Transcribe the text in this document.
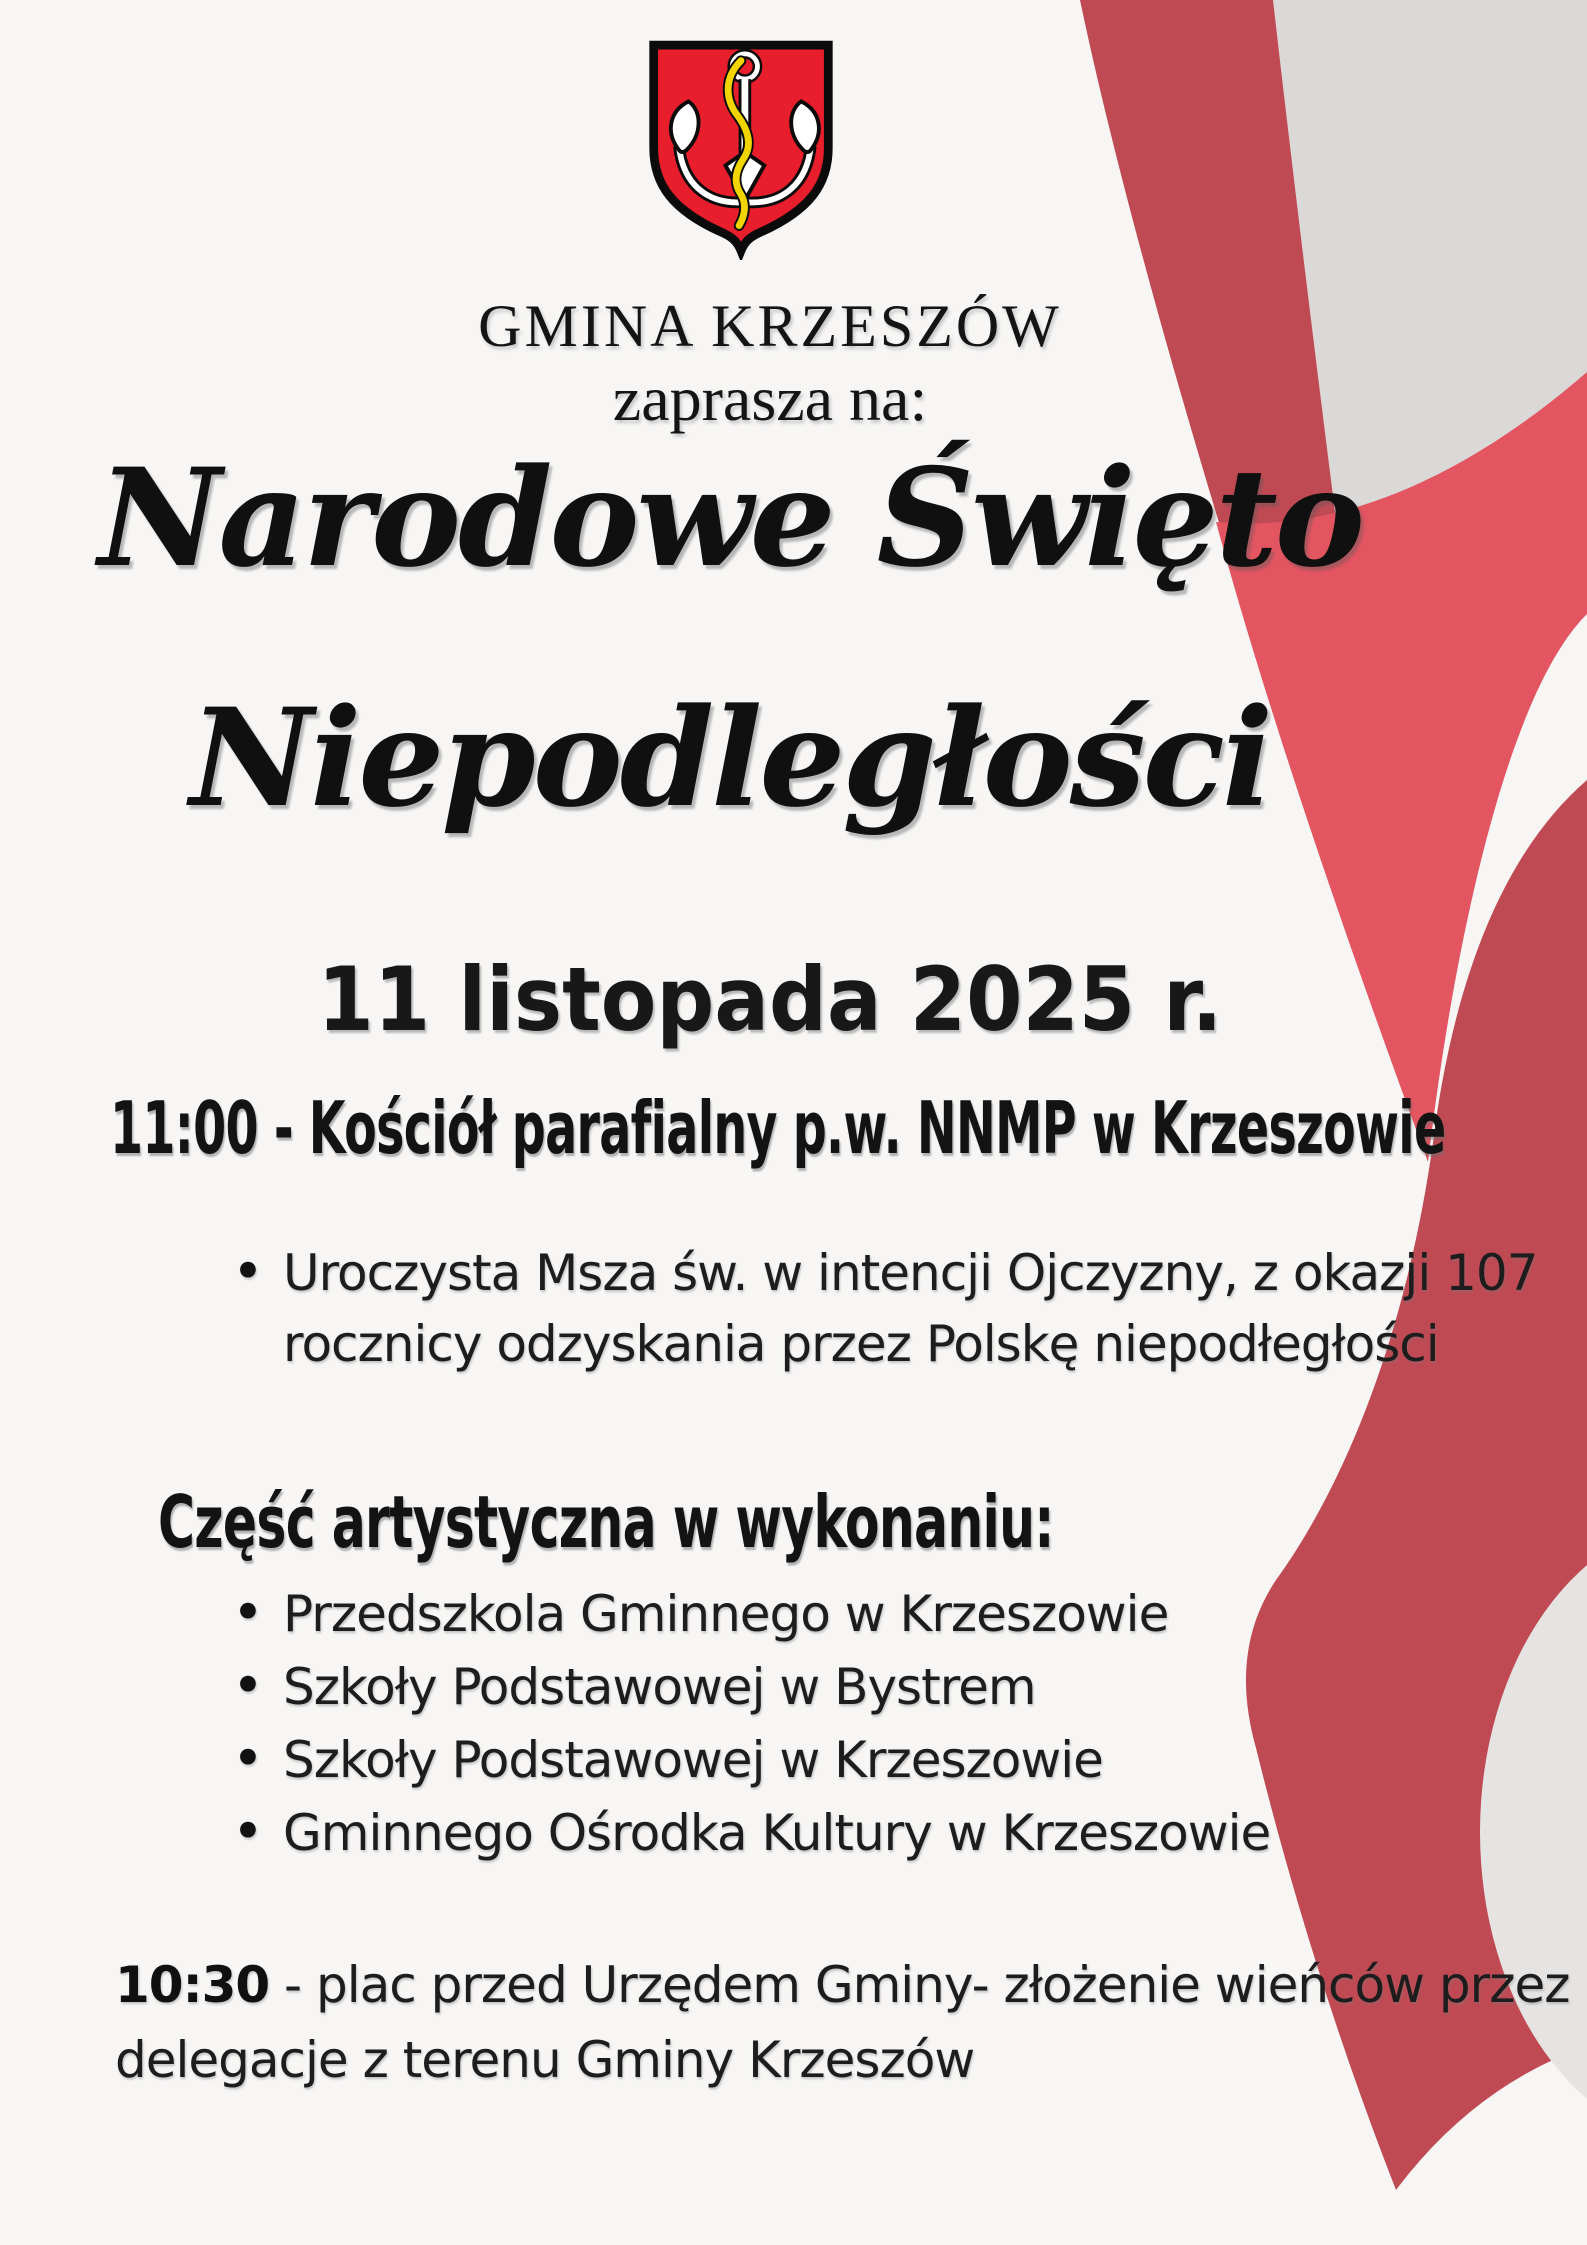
GMINA KRZESZÓW
zaprasza na:
Narodowe Święto
Niepodległości
11 listopada 2025 r.
11:00 - Kościół parafialny p.w. NNMP w Krzeszowie
• Uroczysta Msza św. w intencji Ojczyzny, z okazji 107 rocznicy odzyskania przez Polskę niepodłegłości
Część artystyczna w wykonaniu:
• Przedszkola Gminnego w Krzeszowie
• Szkoły Podstawowej w Bystrem
• Szkoły Podstawowej w Krzeszowie
• Gminnego Ośrodka Kultury w Krzeszowie

10:30 - plac przed Urzędem Gminy- złożenie wieńców przez delegacje z terenu Gminy Krzeszów
